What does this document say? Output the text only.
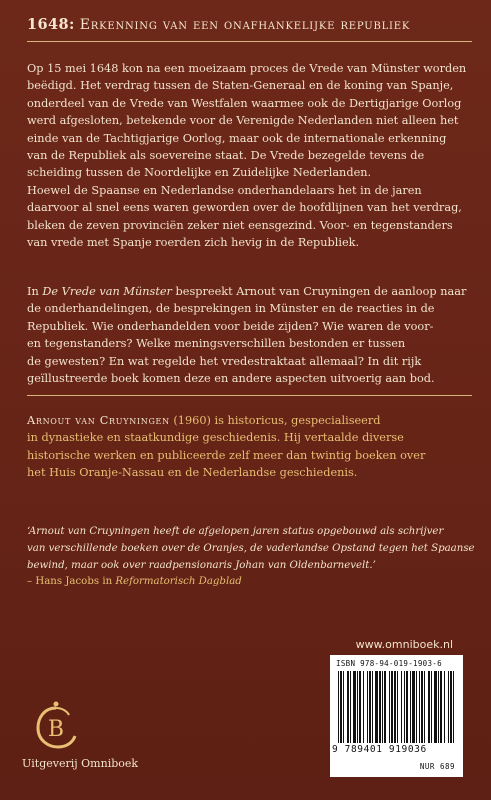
1648: Erkenning van een onafhankelijke republiek
Op 15 mei 1648 kon na een moeizaam proces de Vrede van Münster worden
beëdigd. Het verdrag tussen de Staten-Generaal en de koning van Spanje,
onderdeel van de Vrede van Westfalen waarmee ook de Dertigjarige Oorlog
werd afgesloten, betekende voor de Verenigde Nederlanden niet alleen het
einde van de Tachtigjarige Oorlog, maar ook de internationale erkenning
van de Republiek als soevereine staat. De Vrede bezegelde tevens de
scheiding tussen de Noordelijke en Zuidelijke Nederlanden.
Hoewel de Spaanse en Nederlandse onderhandelaars het in de jaren
daarvoor al snel eens waren geworden over de hoofdlijnen van het verdrag,
bleken de zeven provinciën zeker niet eensgezind. Voor- en tegenstanders
van vrede met Spanje roerden zich hevig in de Republiek.
In De Vrede van Münster bespreekt Arnout van Cruyningen de aanloop naar
de onderhandelingen, de besprekingen in Münster en de reacties in de
Republiek. Wie onderhandelden voor beide zijden? Wie waren de voor-
en tegenstanders? Welke meningsverschillen bestonden er tussen
de gewesten? En wat regelde het vredestraktaat allemaal? In dit rijk
geïllustreerde boek komen deze en andere aspecten uitvoerig aan bod.
Arnout van Cruyningen (1960) is historicus, gespecialiseerd
in dynastieke en staatkundige geschiedenis. Hij vertaalde diverse
historische werken en publiceerde zelf meer dan twintig boeken over
het Huis Oranje-Nassau en de Nederlandse geschiedenis.
‘Arnout van Cruyningen heeft de afgelopen jaren status opgebouwd als schrijver
van verschillende boeken over de Oranjes, de vaderlandse Opstand tegen het Spaanse
bewind, maar ook over raadpensionaris Johan van Oldenbarnevelt.’
– Hans Jacobs in Reformatorisch Dagblad
www.omniboek.nl
ISBN 978-94-019-1903-6
9 789401 919036
NUR 689
B
Uitgeverij Omniboek
